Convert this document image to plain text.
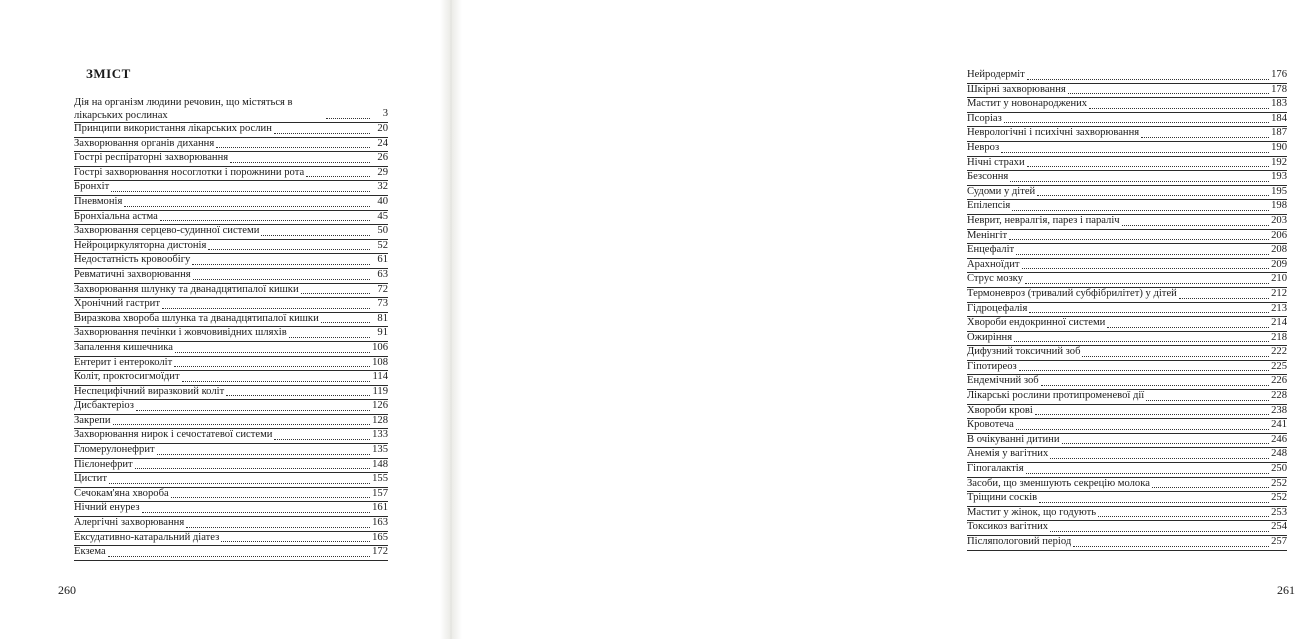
ЗМІСТ
Дія на організм людини речовин, що містяться в лікарських рослинах	3
Принципи використання лікарських рослин	20
Захворювання органів дихання	24
Гострі респіраторні захворювання	26
Гострі захворювання носоглотки і порожнини рота	29
Бронхіт	32
Пневмонія	40
Бронхіальна астма	45
Захворювання серцево-судинної системи	50
Нейроциркуляторна дистонія	52
Недостатність кровообігу	61
Ревматичні захворювання	63
Захворювання шлунку та дванадцятипалої кишки	72
Хронічний гастрит	73
Виразкова хвороба шлунка та дванадцятипалої кишки	81
Захворювання печінки і жовчовивідних шляхів	91
Запалення кишечника	106
Ентерит і ентероколіт	108
Коліт, проктосигмоїдит	114
Неспецифічний виразковий коліт	119
Дисбактеріоз	126
Закрепи	128
Захворювання нирок і сечостатевої системи	133
Гломерулонефрит	135
Пієлонефрит	148
Цистит	155
Сечокам'яна хвороба	157
Нічний енурез	161
Алергічні захворювання	163
Ексудативно-катаральний діатез	165
Екзема	172
260
Нейродерміт	176
Шкірні захворювання	178
Мастит у новонароджених	183
Псоріаз	184
Неврологічні і психічні захворювання	187
Невроз	190
Нічні страхи	192
Безсоння	193
Судоми у дітей	195
Епілепсія	198
Неврит, невралгія, парез і параліч	203
Менінгіт	206
Енцефаліт	208
Арахноїдит	209
Струс мозку	210
Термоневроз (тривалий субфібрилітет) у дітей	212
Гідроцефалія	213
Хвороби ендокринної системи	214
Ожиріння	218
Дифузний токсичний зоб	222
Гіпотиреоз	225
Ендемічний зоб	226
Лікарські рослини протипроменевої дії	228
Хвороби крові	238
Кровотеча	241
В очікуванні дитини	246
Анемія у вагітних	248
Гіпогалактія	250
Засоби, що зменшують секрецію молока	252
Тріщини сосків	252
Мастит у жінок, що годують	253
Токсикоз вагітних	254
Післяпологовий період	257
261
